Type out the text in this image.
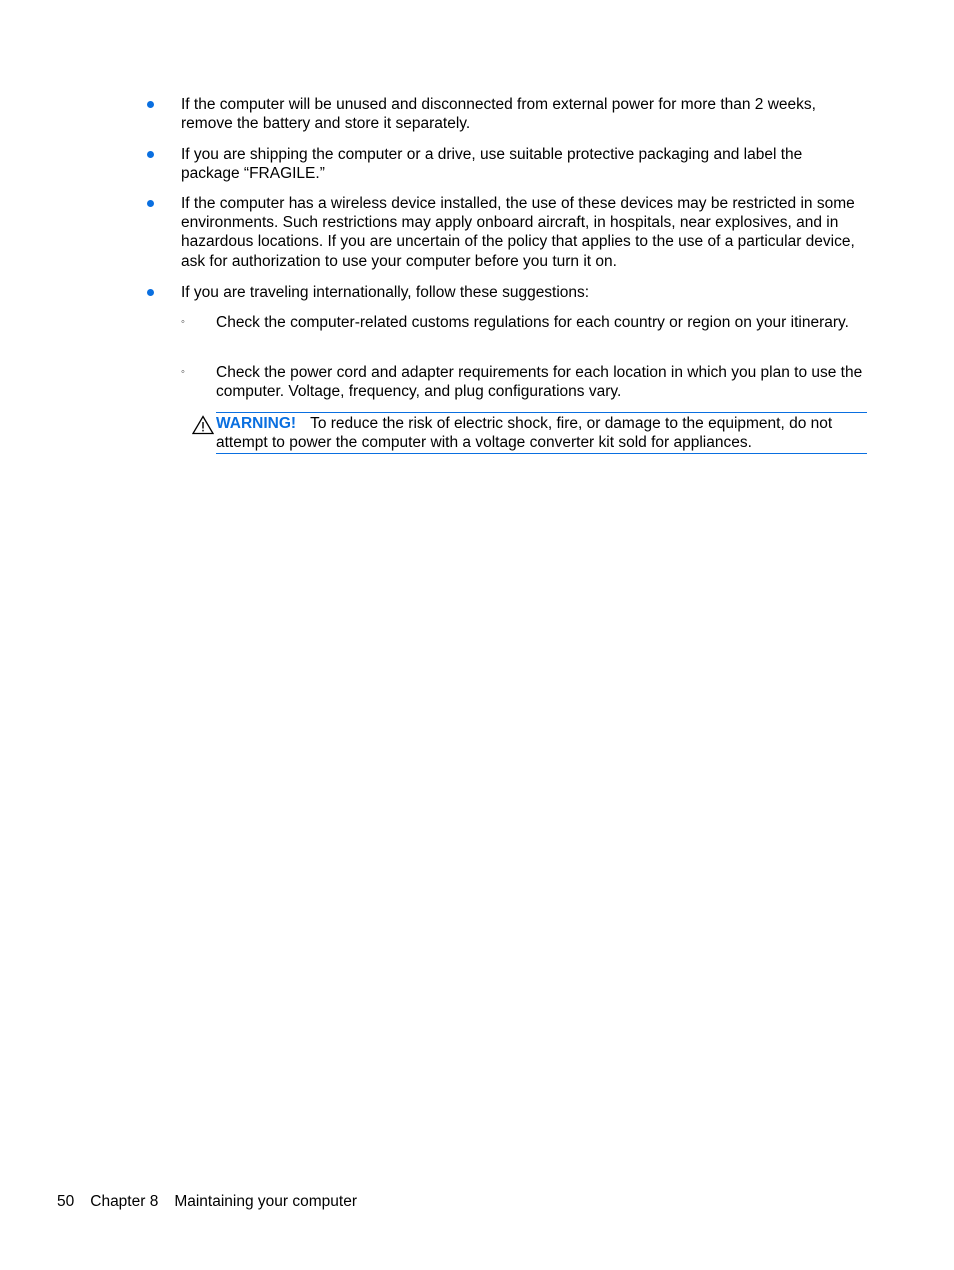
If the computer will be unused and disconnected from external power for more than 2 weeks, remove the battery and store it separately.
If you are shipping the computer or a drive, use suitable protective packaging and label the package “FRAGILE.”
If the computer has a wireless device installed, the use of these devices may be restricted in some environments. Such restrictions may apply onboard aircraft, in hospitals, near explosives, and in hazardous locations. If you are uncertain of the policy that applies to the use of a particular device, ask for authorization to use your computer before you turn it on.
If you are traveling internationally, follow these suggestions:
◦ Check the computer-related customs regulations for each country or region on your itinerary.
◦ Check the power cord and adapter requirements for each location in which you plan to use the computer. Voltage, frequency, and plug configurations vary.
WARNING! To reduce the risk of electric shock, fire, or damage to the equipment, do not attempt to power the computer with a voltage converter kit sold for appliances.
50 Chapter 8 Maintaining your computer
